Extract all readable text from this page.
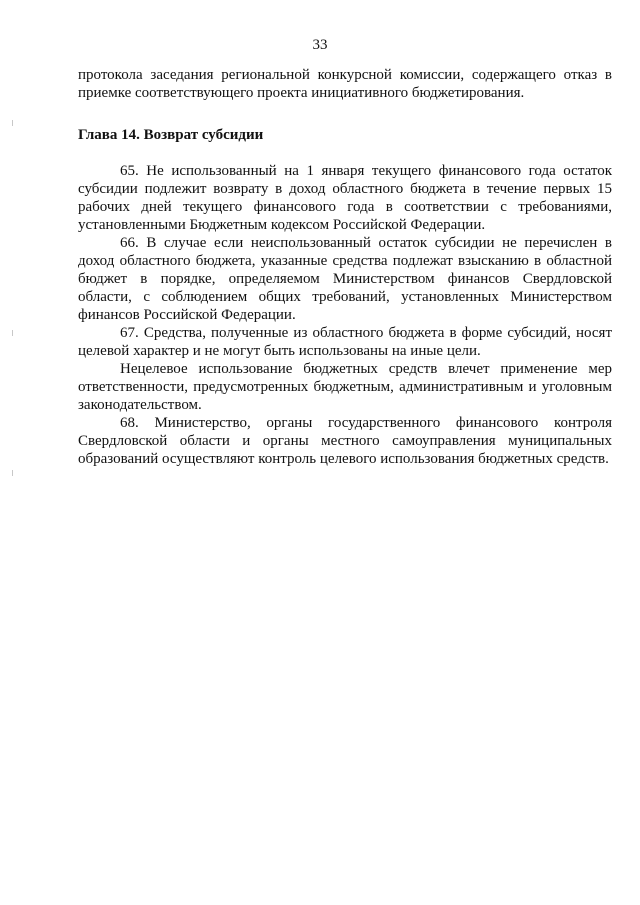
33

протокола заседания региональной конкурсной комиссии, содержащего отказ в приемке соответствующего проекта инициативного бюджетирования.

Глава 14. Возврат субсидии

65. Не использованный на 1 января текущего финансового года остаток субсидии подлежит возврату в доход областного бюджета в течение первых 15 рабочих дней текущего финансового года в соответствии с требованиями, установленными Бюджетным кодексом Российской Федерации.

66. В случае если неиспользованный остаток субсидии не перечислен в доход областного бюджета, указанные средства подлежат взысканию в областной бюджет в порядке, определяемом Министерством финансов Свердловской области, с соблюдением общих требований, установленных Министерством финансов Российской Федерации.

67. Средства, полученные из областного бюджета в форме субсидий, носят целевой характер и не могут быть использованы на иные цели.

Нецелевое использование бюджетных средств влечет применение мер ответственности, предусмотренных бюджетным, административным и уголовным законодательством.

68. Министерство, органы государственного финансового контроля Свердловской области и органы местного самоуправления муниципальных образований осуществляют контроль целевого использования бюджетных средств.
